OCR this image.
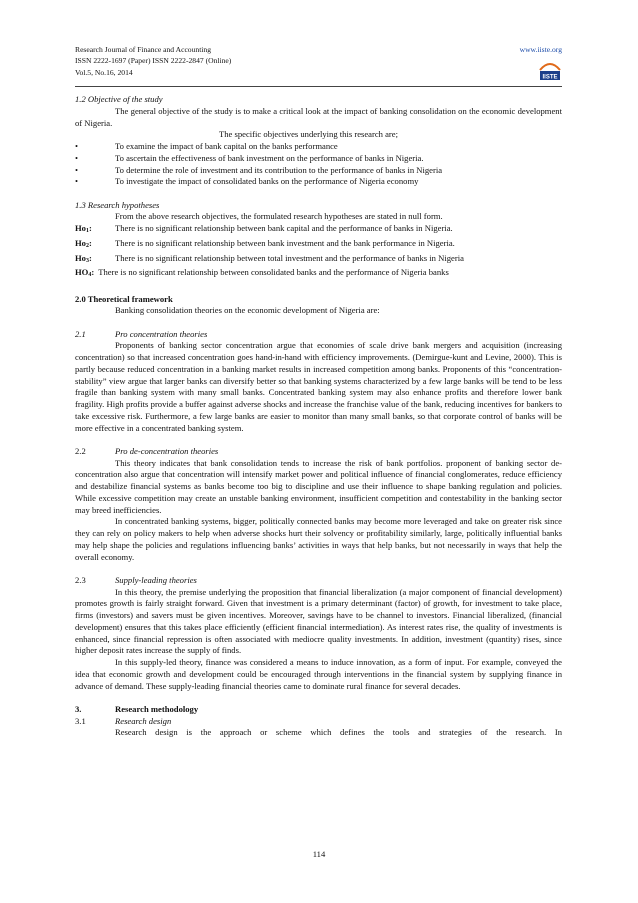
Research Journal of Finance and Accounting
ISSN 2222-1697 (Paper) ISSN 2222-2847 (Online)
Vol.5, No.16, 2014
www.iiste.org
IISTE

1.2 Objective of the study

The general objective of the study is to make a critical look at the impact of banking consolidation on the economic development of Nigeria.

The specific objectives underlying this research are;

•	To examine the impact of bank capital on the banks performance
•	To ascertain the effectiveness of bank investment on the performance of banks in Nigeria.
•	To determine the role of investment and its contribution to the performance of banks in Nigeria
•	To investigate the impact of consolidated banks on the performance of Nigeria economy

1.3 Research hypotheses

From the above research objectives, the formulated research hypotheses are stated in null form.

$Ho_1$:	There is no significant relationship between bank capital and the performance of banks in Nigeria.
$Ho_2$:	There is no significant relationship between bank investment and the bank performance in Nigeria.
$Ho_3$:	There is no significant relationship between total investment and the performance of banks in Nigeria
$HO_4$: There is no significant relationship between consolidated banks and the performance of Nigeria banks

2.0 Theoretical framework

Banking consolidation theories on the economic development of Nigeria are:

2.1	Pro concentration theories

Proponents of banking sector concentration argue that economies of scale drive bank mergers and acquisition (increasing concentration) so that increased concentration goes hand-in-hand with efficiency improvements. (Demirgue-kunt and Levine, 2000). This is partly because reduced concentration in a banking market results in increased competition among banks. Proponents of this “concentration-stability” view argue that larger banks can diversify better so that banking systems characterized by a few large banks will be tend to be less fragile than banking system with many small banks. Concentrated banking system may also enhance profits and therefore lower bank fragility. High profits provide a buffer against adverse shocks and increase the franchise value of the bank, reducing incentives for bankers to take excessive risk. Furthermore, a few large banks are easier to monitor than many small banks, so that corporate control of banks will be more effective in a concentrated banking system.

2.2	Pro de-concentration theories

This theory indicates that bank consolidation tends to increase the risk of bank portfolios. proponent of banking sector de-concentration also argue that concentration will intensify market power and political influence of financial conglomerates, reduce efficiency and destabilize financial systems as banks become too big to discipline and use their influence to shape banking regulation and policies. While excessive competition may create an unstable banking environment, insufficient competition and contestability in the banking sector may breed inefficiencies.

In concentrated banking systems, bigger, politically connected banks may become more leveraged and take on greater risk since they can rely on policy makers to help when adverse shocks hurt their solvency or profitability similarly, large, politically influential banks may help shape the policies and regulations influencing banks’ activities in ways that help banks, but not necessarily in ways that help the overall economy.

2.3	Supply-leading theories

In this theory, the premise underlying the proposition that financial liberalization (a major component of financial development) promotes growth is fairly straight forward. Given that investment is a primary determinant (factor) of growth, for investment to take place, firms (investors) and savers must be given incentives. Moreover, savings have to be channel to investors. Financial liberalized, (financial development) ensures that this takes place efficiently (efficient financial intermediation). As interest rates rise, the quality of investments is enhanced, since financial repression is often associated with mediocre quality investments. In addition, investment (quantity) rises, since higher deposit rates increase the supply of finds.

In this supply-led theory, finance was considered a means to induce innovation, as a form of input. For example, conveyed the idea that economic growth and development could be encouraged through interventions in the financial system by supplying finance in advance of demand. These supply-leading financial theories came to dominate rural finance for several decades.

3.	Research methodology
3.1	Research design

Research design is the approach or scheme which defines the tools and strategies of the research. In

114
